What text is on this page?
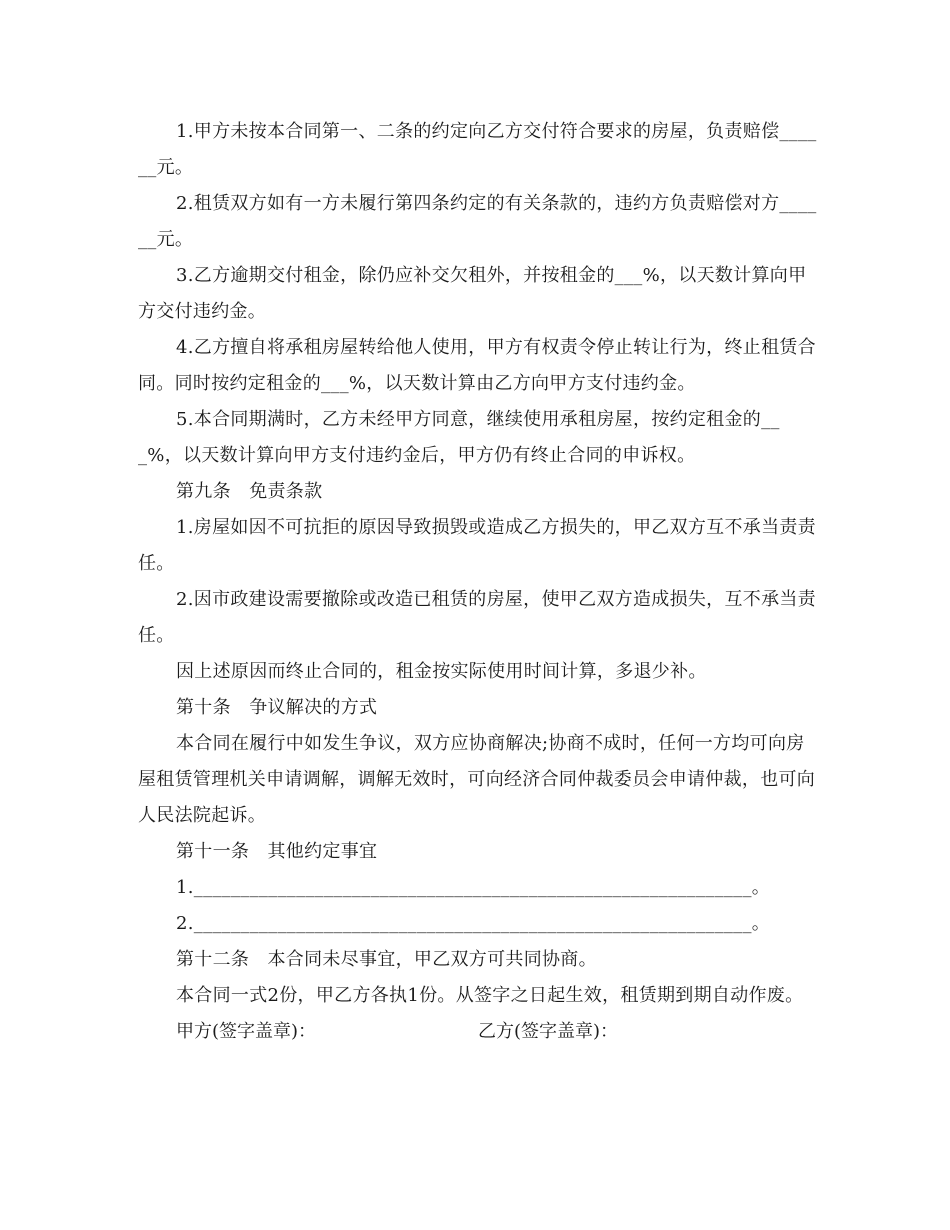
1.甲方未按本合同第一、二条的约定向乙方交付符合要求的房屋，负责赔偿______元。

2.租赁双方如有一方未履行第四条约定的有关条款的，违约方负责赔偿对方______元。

3.乙方逾期交付租金，除仍应补交欠租外，并按租金的___%，以天数计算向甲方交付违约金。

4.乙方擅自将承租房屋转给他人使用，甲方有权责令停止转让行为，终止租赁合同。同时按约定租金的___%，以天数计算由乙方向甲方支付违约金。

5.本合同期满时，乙方未经甲方同意，继续使用承租房屋，按约定租金的___%，以天数计算向甲方支付违约金后，甲方仍有终止合同的申诉权。

第九条　免责条款

1.房屋如因不可抗拒的原因导致损毁或造成乙方损失的，甲乙双方互不承当责责任。

2.因市政建设需要撤除或改造已租赁的房屋，使甲乙双方造成损失，互不承当责任。

因上述原因而终止合同的，租金按实际使用时间计算，多退少补。

第十条　争议解决的方式

本合同在履行中如发生争议，双方应协商解决;协商不成时，任何一方均可向房屋租赁管理机关申请调解，调解无效时，可向经济合同仲裁委员会申请仲裁，也可向人民法院起诉。

第十一条　其他约定事宜

1.____________________________________________________________。

2.____________________________________________________________。

第十二条　本合同未尽事宜，甲乙双方可共同协商。

本合同一式2份，甲乙方各执1份。从签字之日起生效，租赁期到期自动作废。

甲方(签字盖章)：	乙方(签字盖章)：
